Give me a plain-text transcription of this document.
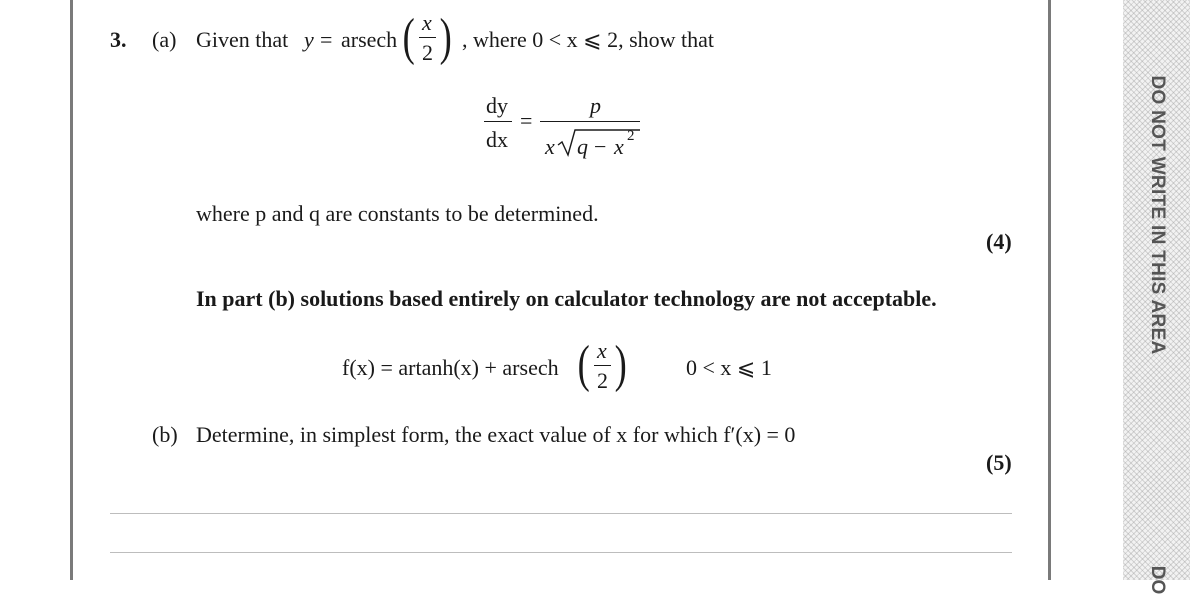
DO NOT WRITE IN THIS AREA
DO
3. (a) Given that y = arsech ( x
2 ) , where 0 < x ⩽ 2, show that
dy
dx
=
p
x q − x 2
where p and q are constants to be determined.
(4)
In part (b) solutions based entirely on calculator technology are not acceptable.
f(x) = artanh(x) + arsech ( x
2 )	0 < x ⩽ 1
(b) Determine, in simplest form, the exact value of x for which f′(x) = 0
(5)
